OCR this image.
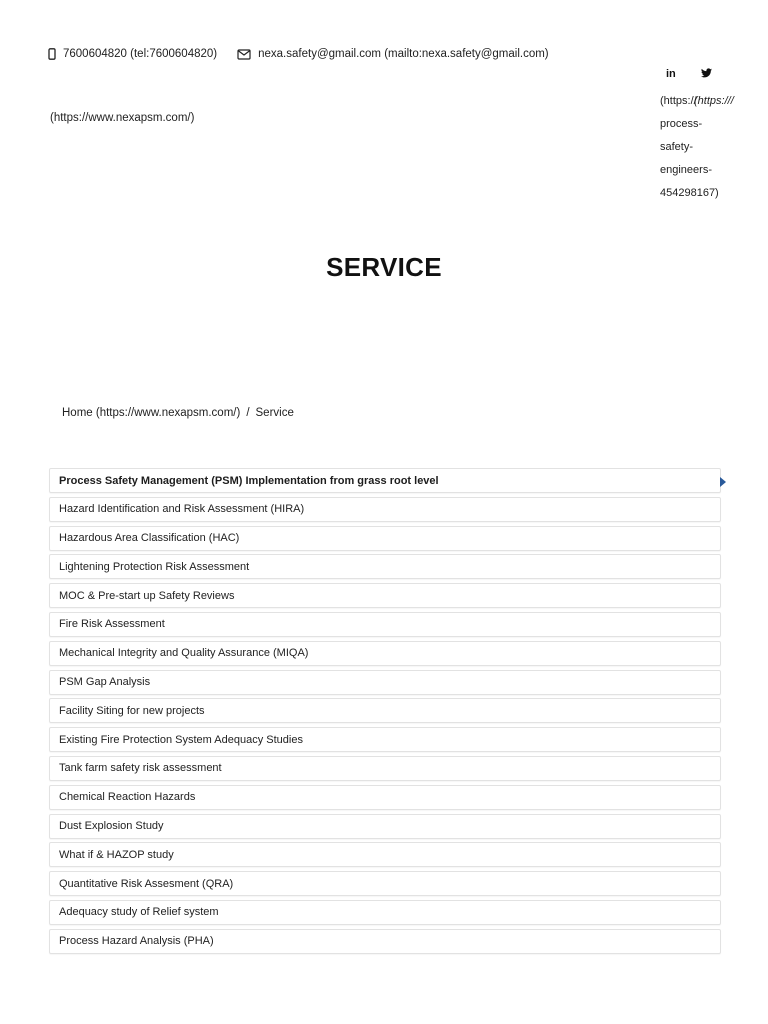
7600604820 (tel:7600604820)	nexa.safety@gmail.com (mailto:nexa.safety@gmail.com)
(https://www.nexapsm.com/)
in
(https://
(https:///
process-
safety-
engineers-
454298167)
SERVICE
Home (https://www.nexapsm.com/) / Service
Process Safety Management (PSM) Implementation from grass root level
Hazard Identification and Risk Assessment (HIRA)
Hazardous Area Classification (HAC)
Lightening Protection Risk Assessment
MOC & Pre-start up Safety Reviews
Fire Risk Assessment
Mechanical Integrity and Quality Assurance (MIQA)
PSM Gap Analysis
Facility Siting for new projects
Existing Fire Protection System Adequacy Studies
Tank farm safety risk assessment
Chemical Reaction Hazards
Dust Explosion Study
What if & HAZOP study
Quantitative Risk Assesment (QRA)
Adequacy study of Relief system
Process Hazard Analysis (PHA)
